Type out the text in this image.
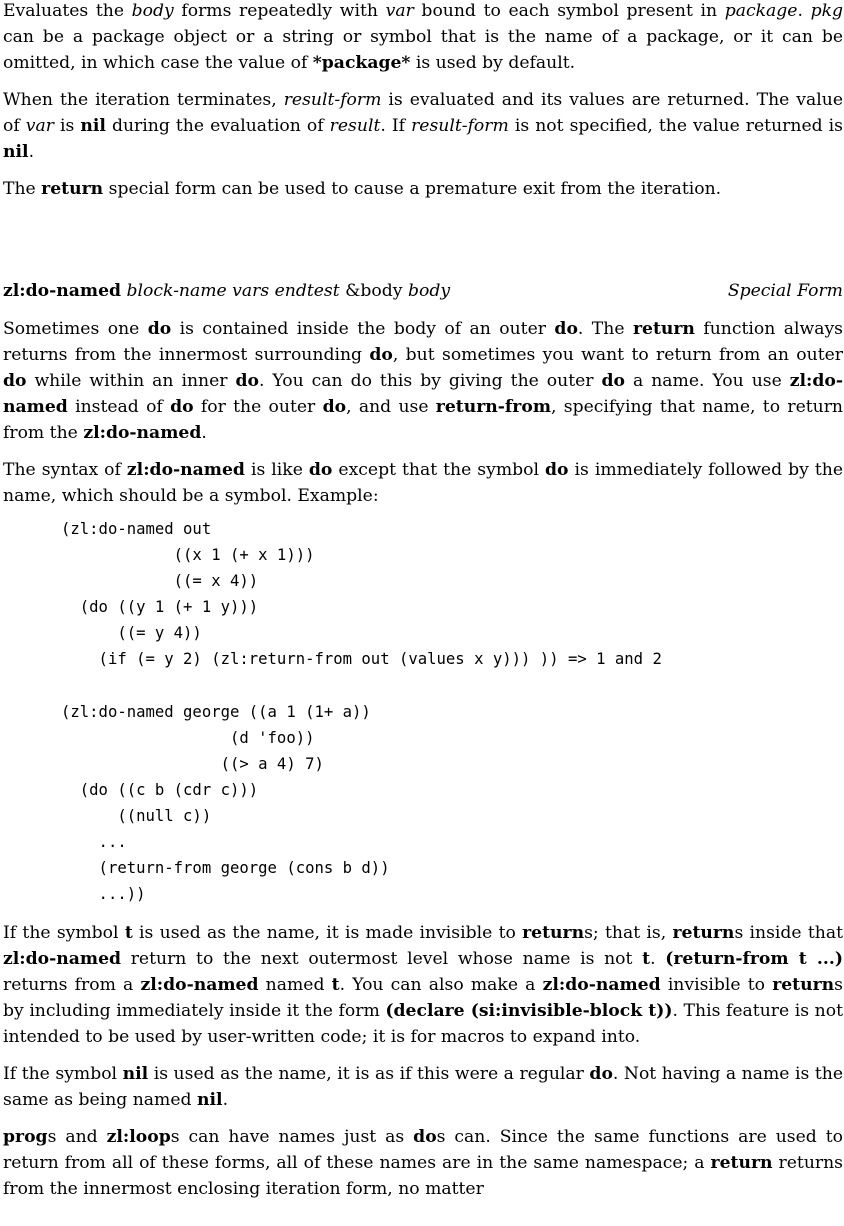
Evaluates the body forms repeatedly with var bound to each symbol present in package. pkg can be a package object or a string or symbol that is the name of a package, or it can be omitted, in which case the value of *package* is used by default.

When the iteration terminates, result-form is evaluated and its values are returned. The value of var is nil during the evaluation of result. If result-form is not specified, the value returned is nil.

The return special form can be used to cause a premature exit from the iteration.

zl:do-named block-name vars endtest &body body	Special Form

Sometimes one do is contained inside the body of an outer do. The return function always returns from the innermost surrounding do, but sometimes you want to return from an outer do while within an inner do. You can do this by giving the outer do a name. You use zl:do-named instead of do for the outer do, and use return-from, specifying that name, to return from the zl:do-named.

The syntax of zl:do-named is like do except that the symbol do is immediately followed by the name, which should be a symbol. Example:

(zl:do-named out
((x 1 (+ x 1)))
((= x 4))
(do ((y 1 (+ 1 y)))
((= y 4))
(if (= y 2) (zl:return-from out (values x y))) )) => 1 and 2

(zl:do-named george ((a 1 (1+ a))
(d 'foo))
((> a 4) 7)
(do ((c b (cdr c)))
((null c))
...
(return-from george (cons b d))
...))

If the symbol t is used as the name, it is made invisible to returns; that is, returns inside that zl:do-named return to the next outermost level whose name is not t. (return-from t ...) returns from a zl:do-named named t. You can also make a zl:do-named invisible to returns by including immediately inside it the form (declare (si:invisible-block t)). This feature is not intended to be used by user-written code; it is for macros to expand into.

If the symbol nil is used as the name, it is as if this were a regular do. Not having a name is the same as being named nil.

progs and zl:loops can have names just as dos can. Since the same functions are used to return from all of these forms, all of these names are in the same namespace; a return returns from the innermost enclosing iteration form, no matter
